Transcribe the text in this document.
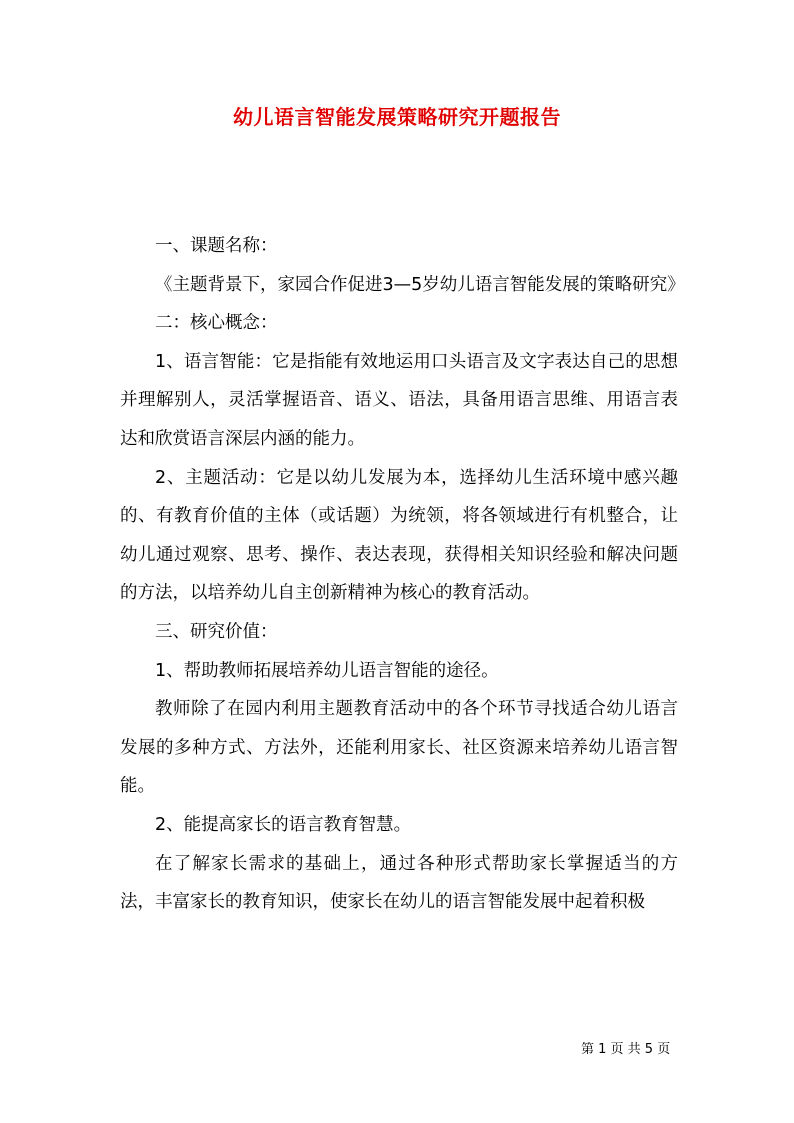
幼儿语言智能发展策略研究开题报告

一、课题名称：

《主题背景下，家园合作促进3—5岁幼儿语言智能发展的策略研究》

二：核心概念：

1、语言智能：它是指能有效地运用口头语言及文字表达自己的思想并理解别人，灵活掌握语音、语义、语法，具备用语言思维、用语言表达和欣赏语言深层内涵的能力。

2、主题活动：它是以幼儿发展为本，选择幼儿生活环境中感兴趣的、有教育价值的主体（或话题）为统领，将各领域进行有机整合，让幼儿通过观察、思考、操作、表达表现，获得相关知识经验和解决问题的方法，以培养幼儿自主创新精神为核心的教育活动。

三、研究价值：

1、帮助教师拓展培养幼儿语言智能的途径。

教师除了在园内利用主题教育活动中的各个环节寻找适合幼儿语言发展的多种方式、方法外，还能利用家长、社区资源来培养幼儿语言智能。

2、能提高家长的语言教育智慧。

在了解家长需求的基础上，通过各种形式帮助家长掌握适当的方法，丰富家长的教育知识，使家长在幼儿的语言智能发展中起着积极

第 1 页 共 5 页
